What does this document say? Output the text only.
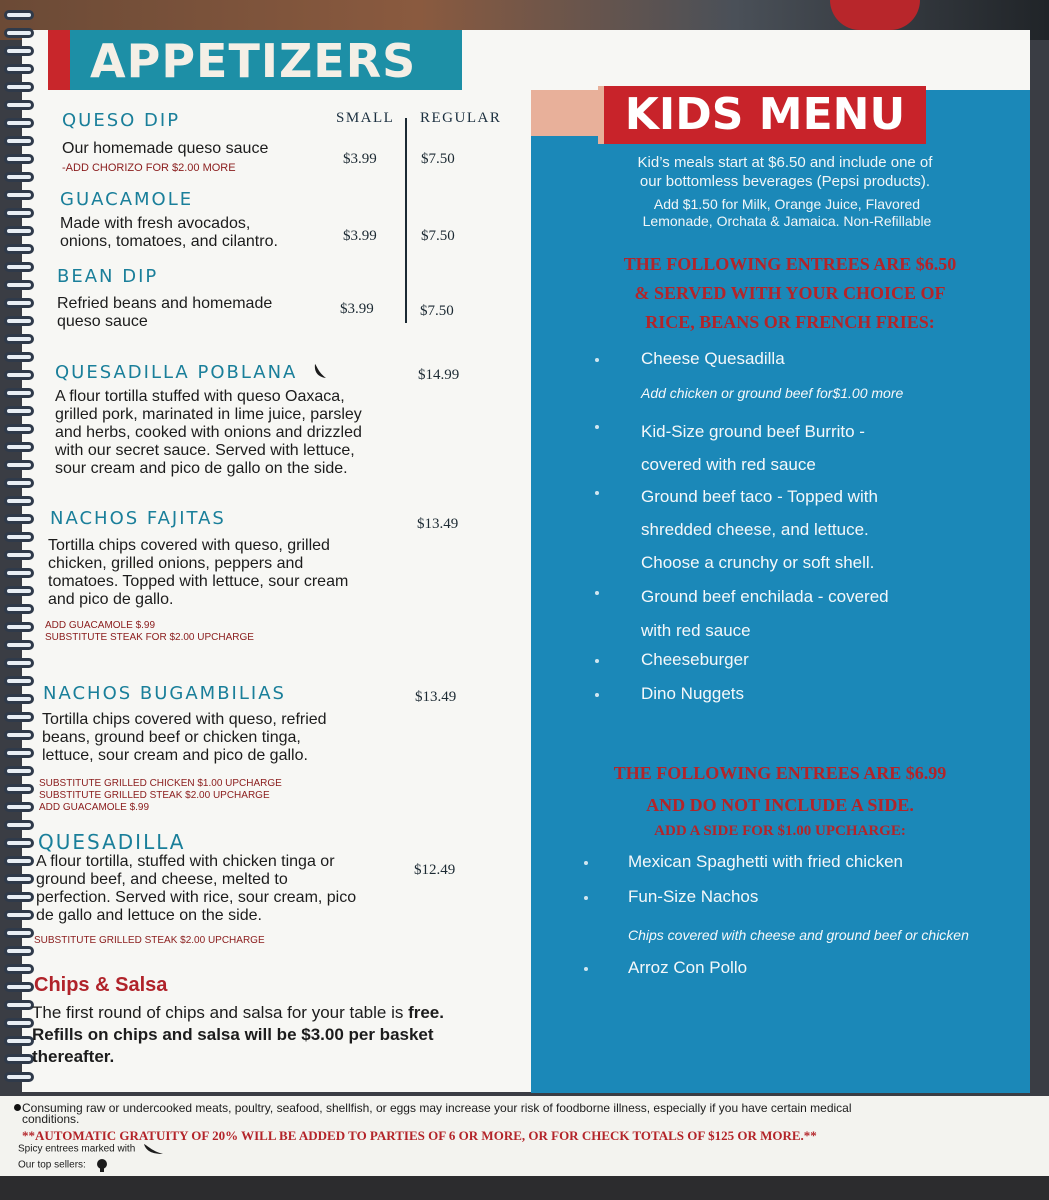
APPETIZERS
SMALL REGULAR
QUESO DIP
Our homemade queso sauce
-ADD CHORIZO FOR $2.00 MORE
$3.99	$7.50
GUACAMOLE
Made with fresh avocados,
onions, tomatoes, and cilantro.	$3.99	$7.50
BEAN DIP
Refried beans and homemade
queso sauce
$3.99	$7.50
QUESADILLA POBLANA	$14.99
A flour tortilla stuffed with queso Oaxaca,
grilled pork, marinated in lime juice, parsley
and herbs, cooked with onions and drizzled
with our secret sauce. Served with lettuce,
sour cream and pico de gallo on the side.
NACHOS FAJITAS	$13.49
Tortilla chips covered with queso, grilled
chicken, grilled onions, peppers and
tomatoes. Topped with lettuce, sour cream
and pico de gallo.
ADD GUACAMOLE $.99
SUBSTITUTE STEAK FOR $2.00 UPCHARGE
NACHOS BUGAMBILIAS	$13.49
Tortilla chips covered with queso, refried
beans, ground beef or chicken tinga,
lettuce, sour cream and pico de gallo.
SUBSTITUTE GRILLED CHICKEN $1.00 UPCHARGE
SUBSTITUTE GRILLED STEAK $2.00 UPCHARGE
ADD GUACAMOLE $.99
QUESADILLA
$12.49
A flour tortilla, stuffed with chicken tinga or
ground beef, and cheese, melted to
perfection. Served with rice, sour cream, pico
de gallo and lettuce on the side.
SUBSTITUTE GRILLED STEAK $2.00 UPCHARGE
Chips & Salsa
The first round of chips and salsa for your table is free.
Refills on chips and salsa will be $3.00 per basket thereafter.
KIDS MENU
Kid’s meals start at $6.50 and include one of
our bottomless beverages (Pepsi products).
Add $1.50 for Milk, Orange Juice, Flavored
Lemonade, Orchata & Jamaica. Non-Refillable
THE FOLLOWING ENTREES ARE $6.50
& SERVED WITH YOUR CHOICE OF
RICE, BEANS OR FRENCH FRIES:
Cheese Quesadilla
Add chicken or ground beef for$1.00 more
Kid-Size ground beef Burrito -
covered with red sauce
Ground beef taco - Topped with
shredded cheese, and lettuce.
Choose a crunchy or soft shell.
Ground beef enchilada - covered
with red sauce
Cheeseburger
Dino Nuggets
THE FOLLOWING ENTREES ARE $6.99
AND DO NOT INCLUDE A SIDE.
ADD A SIDE FOR $1.00 UPCHARGE:
Mexican Spaghetti with fried chicken
Fun-Size Nachos
Chips covered with cheese and ground beef or chicken
Arroz Con Pollo
Consuming raw or undercooked meats, poultry, seafood, shellfish, or eggs may increase your risk of foodborne illness, especially if you have certain medical conditions.
**AUTOMATIC GRATUITY OF 20% WILL BE ADDED TO PARTIES OF 6 OR MORE, OR FOR CHECK TOTALS OF $125 OR MORE.**
Spicy entrees marked with
Our top sellers:
